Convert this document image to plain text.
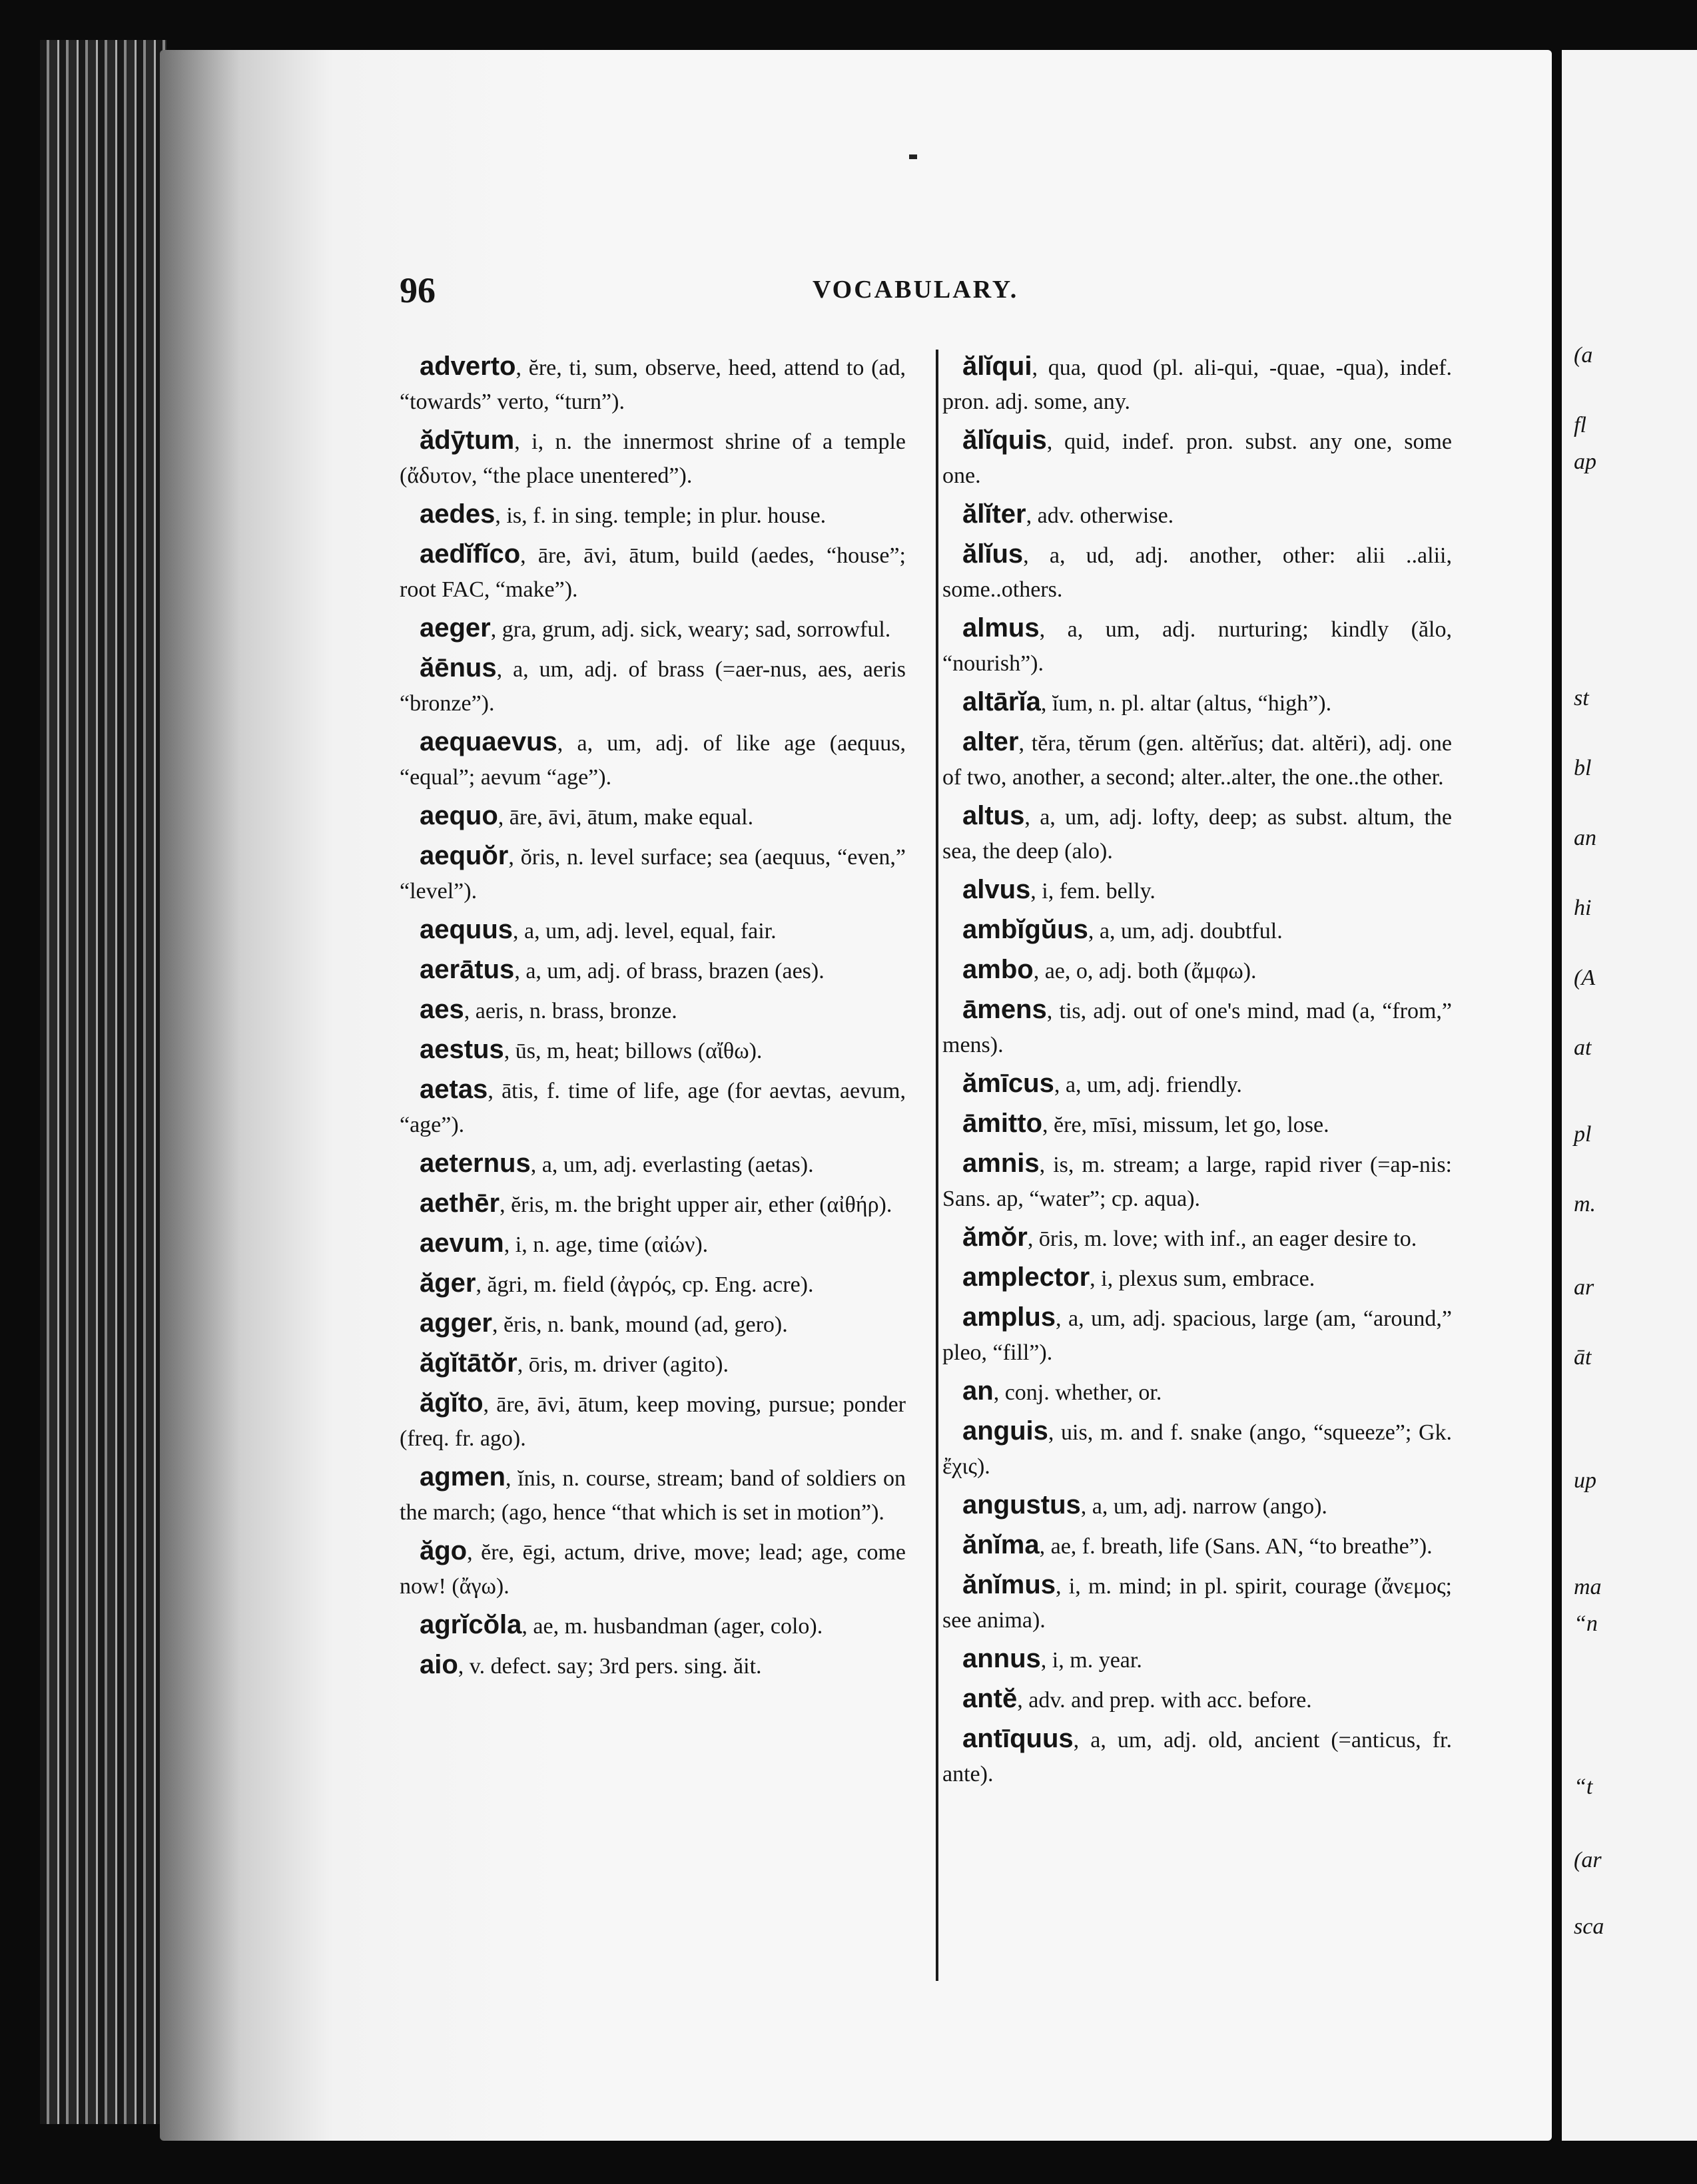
(a
fl
ap
st
bl
an
hi
(A
at
pl
m.
ar
āt
up
ma
“n
“t
(ar
sca
96	VOCABULARY.

adverto, ĕre, ti, sum, observe, heed, attend to (ad, “towards” verto, “turn”).

ădȳtum, i, n. the innermost shrine of a temple (ἄδυτον, “the place unentered”).

aedes, is, f. in sing. temple; in plur. house.

aedĭfĭco, āre, āvi, ātum, build (aedes, “house”; root FAC, “make”).

aeger, gra, grum, adj. sick, weary; sad, sorrowful.

ăēnus, a, um, adj. of brass (=aer-nus, aes, aeris “bronze”).

aequaevus, a, um, adj. of like age (aequus, “equal”; aevum “age”).

aequo, āre, āvi, ātum, make equal.

aequŏr, ŏris, n. level surface; sea (aequus, “even,” “level”).

aequus, a, um, adj. level, equal, fair.

aerātus, a, um, adj. of brass, brazen (aes).

aes, aeris, n. brass, bronze.

aestus, ūs, m, heat; billows (αἴθω).

aetas, ātis, f. time of life, age (for aevtas, aevum, “age”).

aeternus, a, um, adj. everlasting (aetas).

aethēr, ĕris, m. the bright upper air, ether (αἰθήρ).

aevum, i, n. age, time (αἰών).

ăger, ăgri, m. field (ἀγρός, cp. Eng. acre).

agger, ĕris, n. bank, mound (ad, gero).

ăgĭtātŏr, ōris, m. driver (agito).

ăgĭto, āre, āvi, ātum, keep moving, pursue; ponder (freq. fr. ago).

agmen, ĭnis, n. course, stream; band of soldiers on the march; (ago, hence “that which is set in motion”).

ăgo, ĕre, ēgi, actum, drive, move; lead; age, come now! (ἄγω).

agrĭcŏla, ae, m. husbandman (ager, colo).

aio, v. defect. say; 3rd pers. sing. ăit.

ălĭqui, qua, quod (pl. ali-qui, -quae, -qua), indef. pron. adj. some, any.

ălĭquis, quid, indef. pron. subst. any one, some one.

ălĭter, adv. otherwise.

ălĭus, a, ud, adj. another, other: alii ..alii, some..others.

almus, a, um, adj. nurturing; kindly (ălo, “nourish”).

altārĭa, ĭum, n. pl. altar (altus, “high”).

alter, tĕra, tĕrum (gen. altĕrĭus; dat. altĕri), adj. one of two, another, a second; alter..alter, the one..the other.

altus, a, um, adj. lofty, deep; as subst. altum, the sea, the deep (alo).

alvus, i, fem. belly.

ambĭgŭus, a, um, adj. doubtful.

ambo, ae, o, adj. both (ἄμφω).

āmens, tis, adj. out of one's mind, mad (a, “from,” mens).

ămīcus, a, um, adj. friendly.

āmitto, ĕre, mīsi, missum, let go, lose.

amnis, is, m. stream; a large, rapid river (=ap-nis: Sans. ap, “water”; cp. aqua).

ămŏr, ōris, m. love; with inf., an eager desire to.

amplector, i, plexus sum, embrace.

amplus, a, um, adj. spacious, large (am, “around,” pleo, “fill”).

an, conj. whether, or.

anguis, uis, m. and f. snake (ango, “squeeze”; Gk. ἔχις).

angustus, a, um, adj. narrow (ango).

ănĭma, ae, f. breath, life (Sans. AN, “to breathe”).

ănĭmus, i, m. mind; in pl. spirit, courage (ἄνεμος; see anima).

annus, i, m. year.

antĕ, adv. and prep. with acc. before.

antīquus, a, um, adj. old, ancient (=anticus, fr. ante).
